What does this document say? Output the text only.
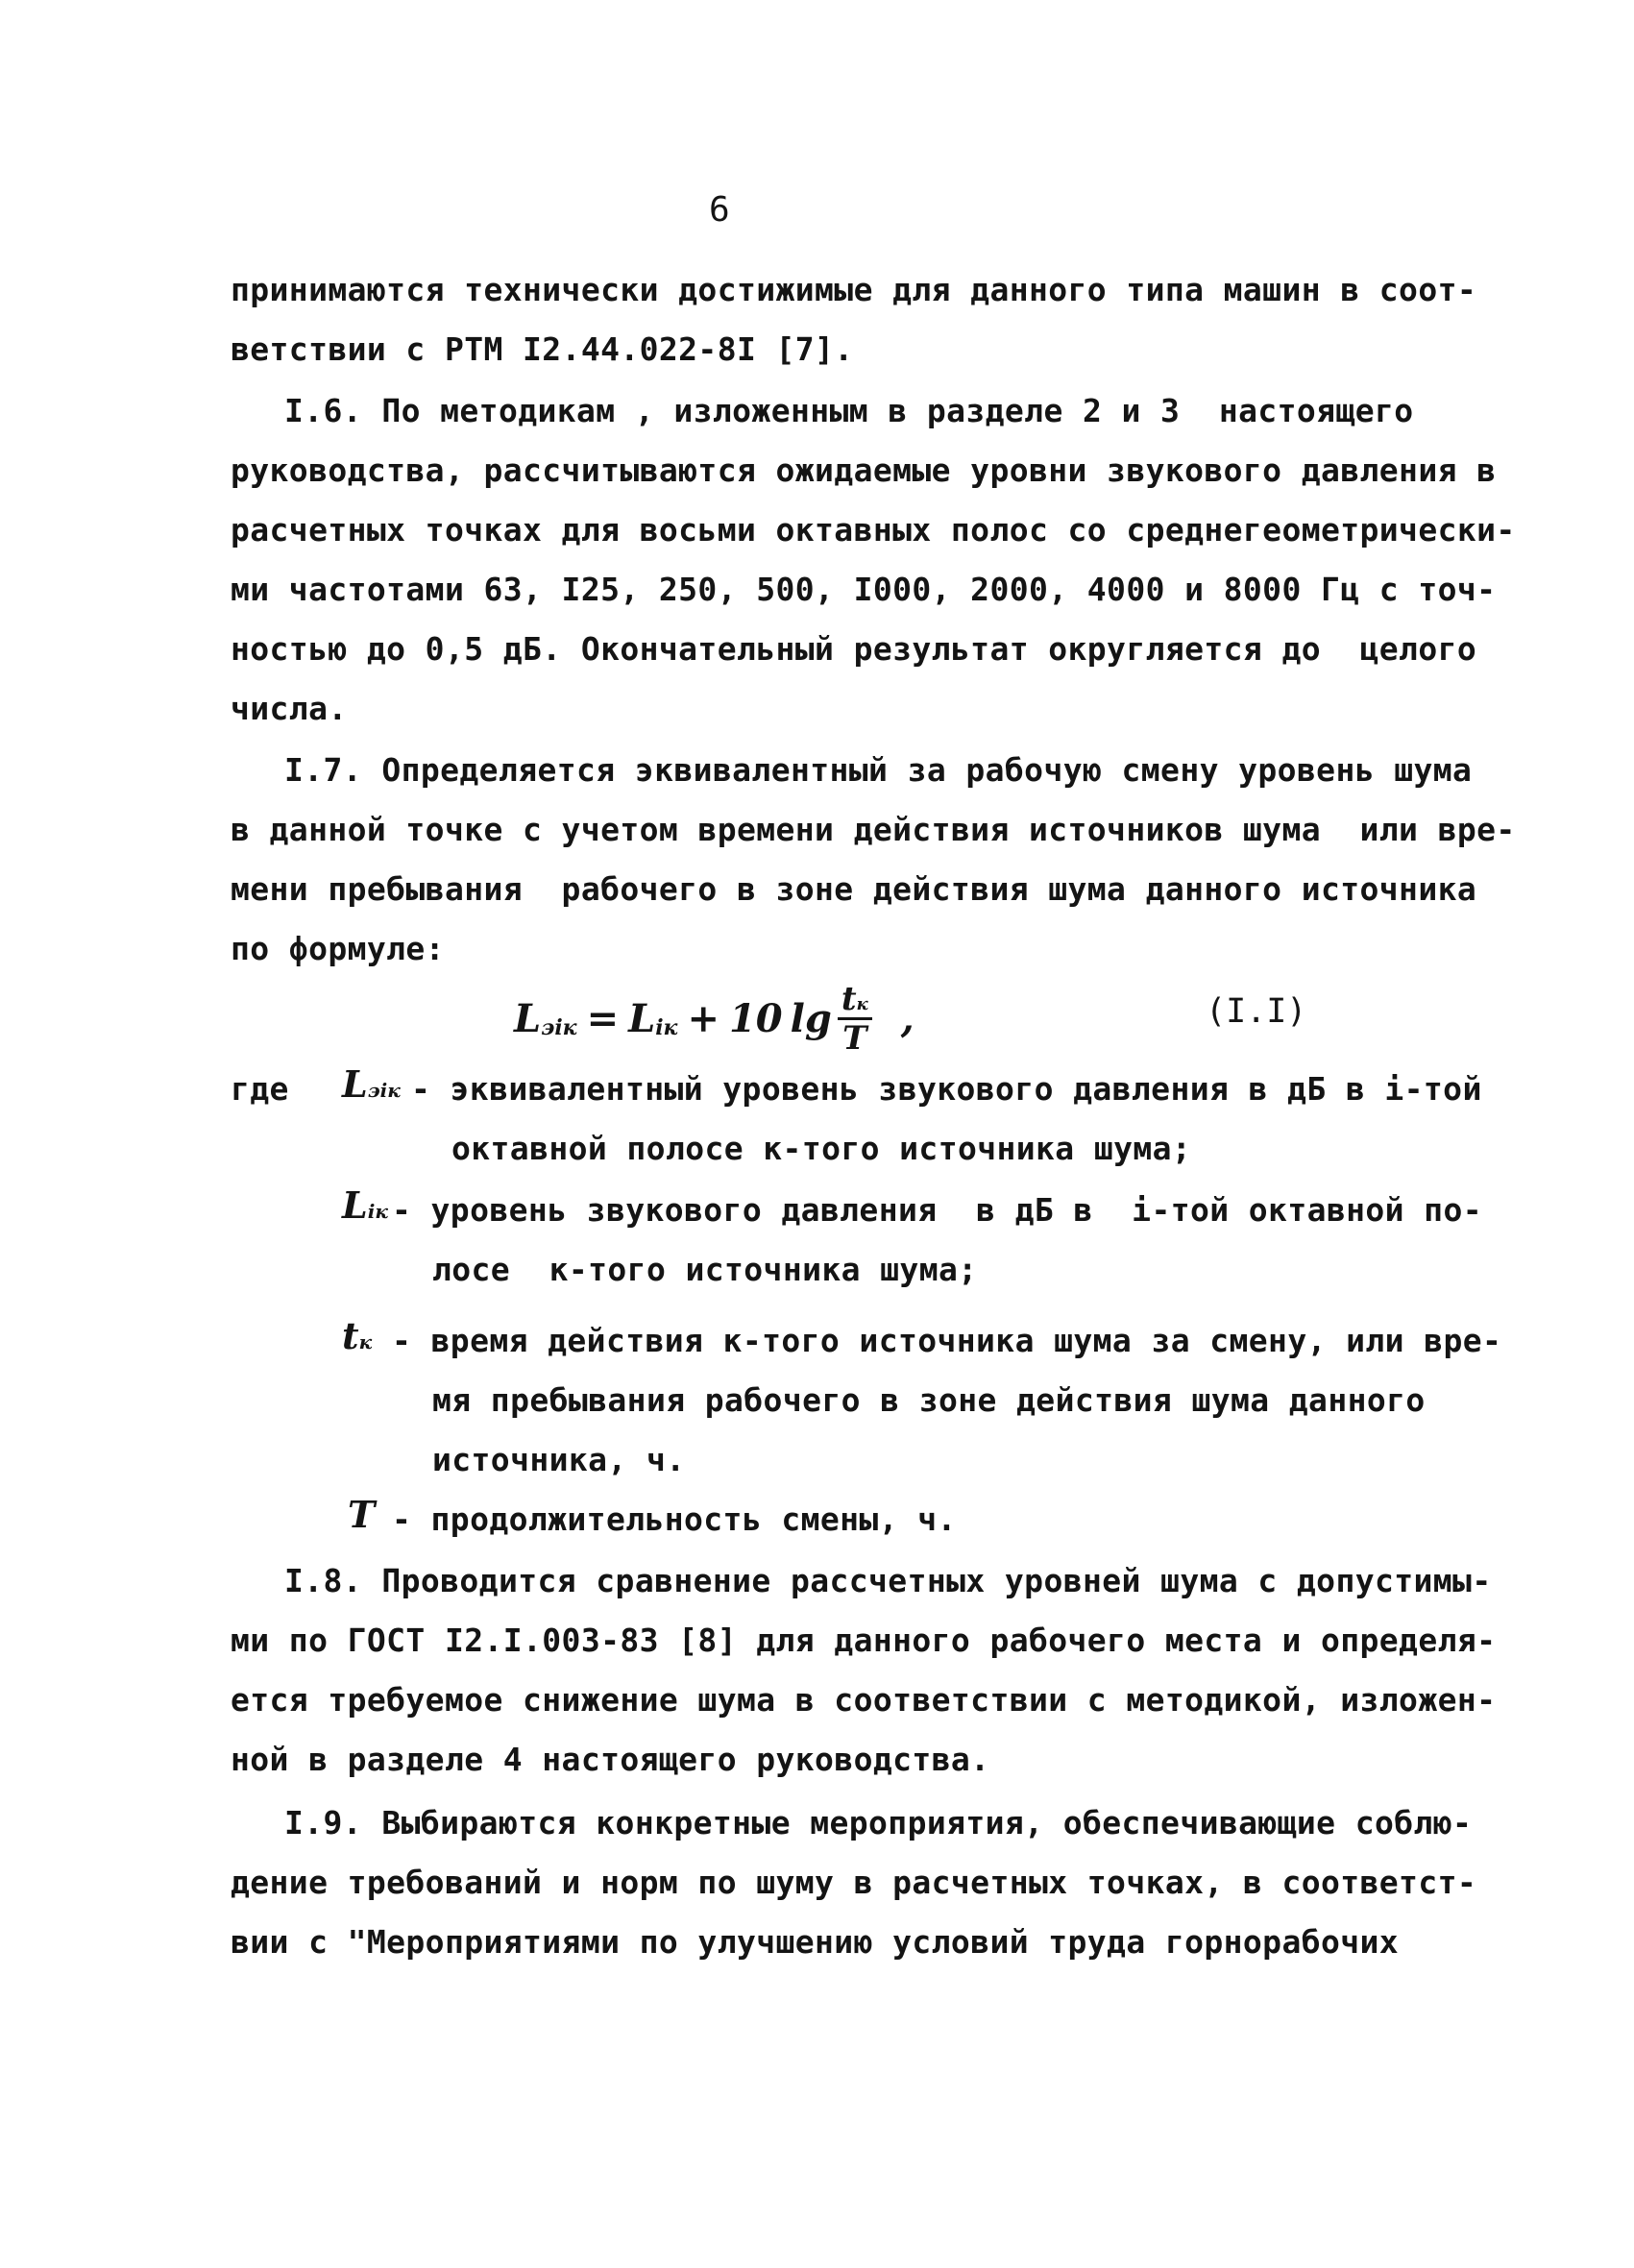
6
принимаются технически достижимые для данного типа машин в соот-
ветствии с РТМ I2.44.022-8I [7].
I.6. По методикам , изложенным в разделе 2 и 3  настоящего
руководства, рассчитываются ожидаемые уровни звукового давления в
расчетных точках для восьми октавных полос со среднегеометрически-
ми частотами 63, I25, 250, 500, I000, 2000, 4000 и 8000 Гц с точ-
ностью до 0,5 дБ. Окончательный результат округляется до  целого
числа.
I.7. Определяется эквивалентный за рабочую смену уровень шума
в данной точке с учетом времени действия источников шума  или вре-
мени пребывания  рабочего в зоне действия шума данного источника
по формуле:
L эiк = L iк + 10 $\lg \frac{tк}{T}$ ,	(I.I)
где Lэiк - эквивалентный уровень звукового давления в дБ в i-той
октавной полосе к-того источника шума;
Liк - уровень звукового давления  в дБ в  i-той октавной по-
лосе  к-того источника шума;
tк - время действия к-того источника шума за смену, или вре-
мя пребывания рабочего в зоне действия шума данного
источника, ч.
T - продолжительность смены, ч.
I.8. Проводится сравнение рассчетных уровней шума с допустимы-
ми по ГОСТ I2.I.003-83 [8] для данного рабочего места и определя-
ется требуемое снижение шума в соответствии с методикой, изложен-
ной в разделе 4 настоящего руководства.
I.9. Выбираются конкретные мероприятия, обеспечивающие соблю-
дение требований и норм по шуму в расчетных точках, в соответст-
вии с "Мероприятиями по улучшению условий труда горнорабочих
